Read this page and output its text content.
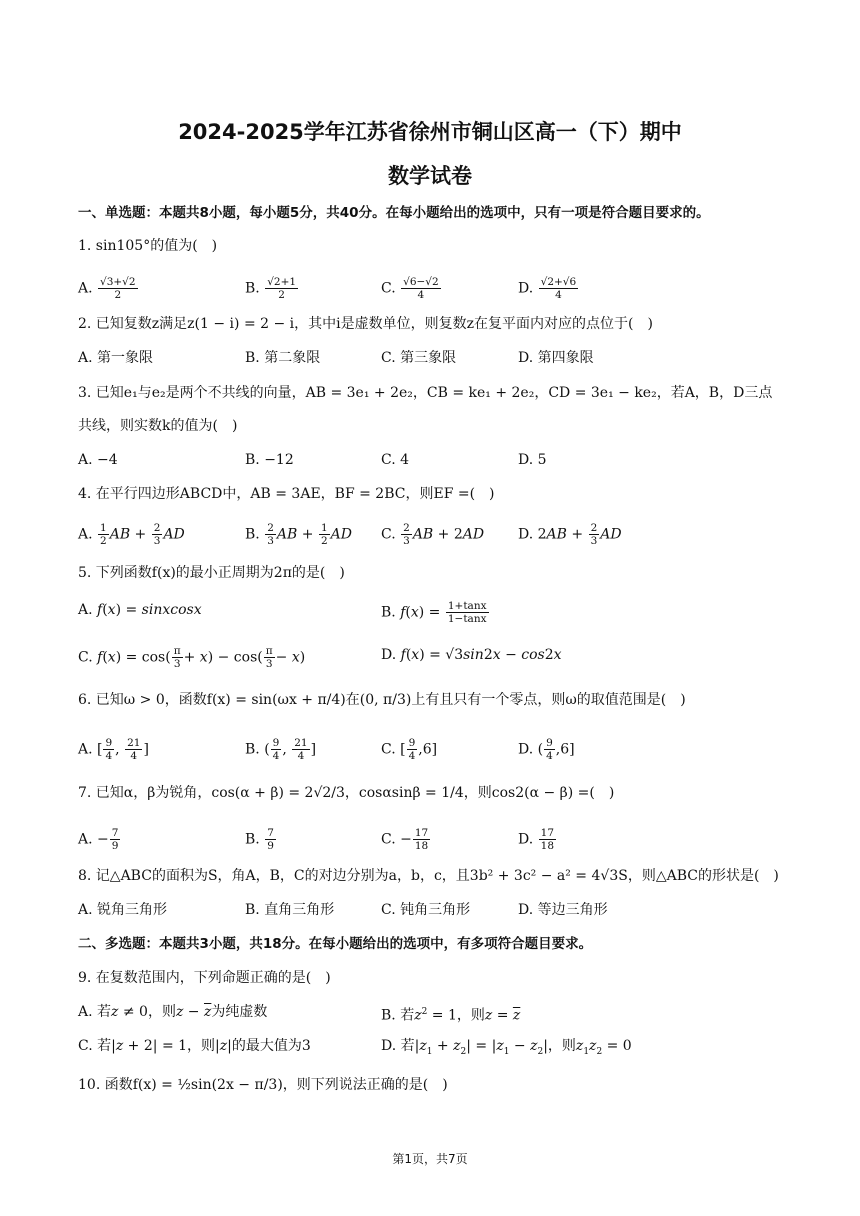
2024-2025学年江苏省徐州市铜山区高一（下）期中
数学试卷
一、单选题：本题共8小题，每小题5分，共40分。在每小题给出的选项中，只有一项是符合题目要求的。
1. sin105°的值为(　)
A. $\frac{√3+√2}{2}$	B. $\frac{√2+1}{2}$	C. $\frac{√6-√2}{4}$	D. $\frac{√2+√6}{4}$
2. 已知复数z满足z(1 − i) = 2 − i，其中i是虚数单位，则复数z在复平面内对应的点位于(　)
A. 第一象限	B. 第二象限	C. 第三象限	D. 第四象限
3. 已知e₁与e₂是两个不共线的向量，AB = 3e₁ + 2e₂，CB = ke₁ + 2e₂，CD = 3e₁ − ke₂，若A，B，D三点
共线，则实数k的值为(　)
A. −4	B. −12	C. 4	D. 5
4. 在平行四边形ABCD中，AB = 3AE，BF = 2BC，则EF =(　)
A. $\frac{1}{2}$ AB + $\frac{2}{3}$ AD	B. $\frac{2}{3}$ AB + $\frac{1}{2}$ AD C. $\frac{2}{3}$ AB + 2AD D. $2AB + \frac{2}{3}$ AD
5. 下列函数f(x)的最小正周期为2π的是(　)
A. f(x) = sinxcosx	B. $f(x) = \frac{1+\tan x}{1-\tan x}$
C. $f(x) = \cos( \frac{\pi}{3} + x) - \cos( \frac{\pi}{3} - x)$	D. f(x) = √3sin2x − cos2x
6. 已知ω > 0，函数f(x) = sin(ωx + π/4)在(0, π/3)上有且只有一个零点，则ω的取值范围是(　)
A. [ $\frac{9}{4}$ , $\frac{21}{4}$ ]	B. ( $\frac{9}{4}$ , $\frac{21}{4}$ ]	C. [ $\frac{9}{4} ,6$]	D. ( $\frac{9}{4} ,6$]
7. 已知α，β为锐角，cos(α + β) = 2√2/3，cosαsinβ = 1/4，则cos2(α − β) =(　)
A. − $\frac{7}{9}$	B. $\frac{7}{9}$	C. − $\frac{17}{18}$	D. $\frac{17}{18}$
8. 记△ABC的面积为S，角A，B，C的对边分别为a，b，c，且3b² + 3c² − a² = 4√3S，则△ABC的形状是(　)
A. 锐角三角形	B. 直角三角形	C. 钝角三角形	D. 等边三角形
二、多选题：本题共3小题，共18分。在每小题给出的选项中，有多项符合题目要求。
9. 在复数范围内，下列命题正确的是(　)
A. 若z ≠ 0，则$z - \overline{z}$为纯虚数	B. 若$z^2 = 1$，则$z = \overline{z}$
C. 若|z + 2| = 1，则|z|的最大值为3	D. 若$|z_1 + z_2| = |z_1 - z_2|$，则$z_1z_2 = 0$
10. 函数f(x) = ½sin(2x − π/3)，则下列说法正确的是(　)
第1页，共7页
